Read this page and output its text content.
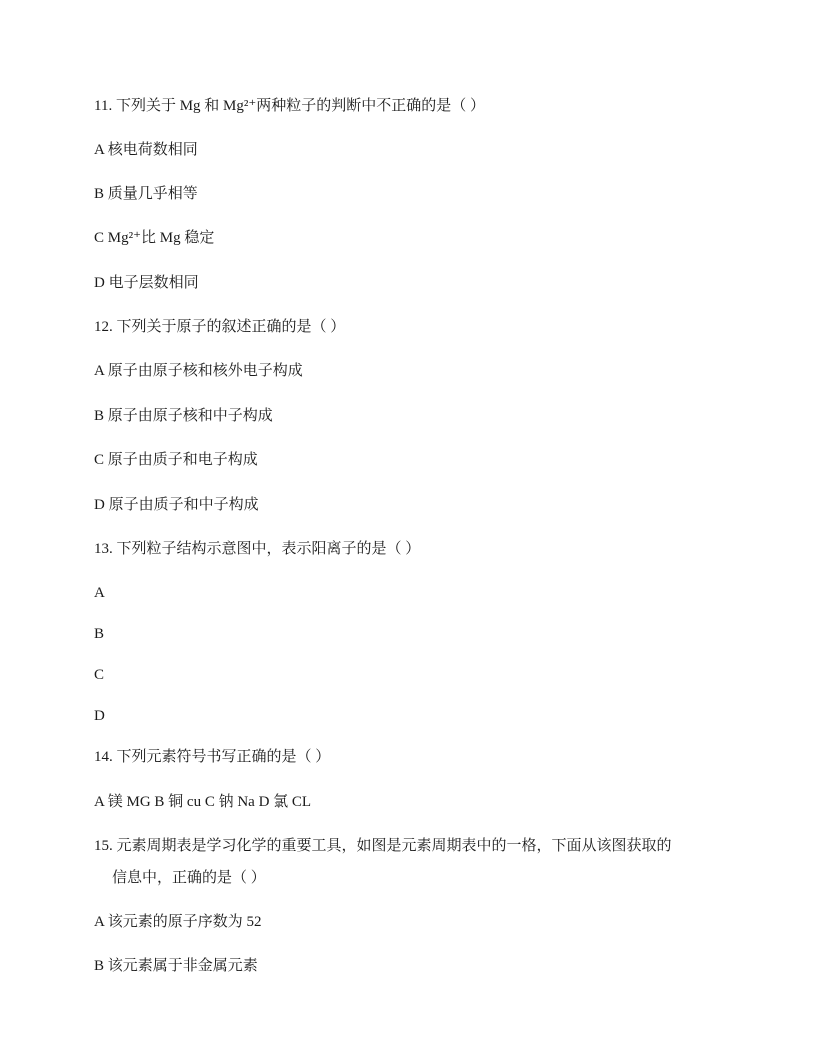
11. 下列关于 Mg 和 Mg²⁺两种粒子的判断中不正确的是（ ）
A 核电荷数相同
B 质量几乎相等
C Mg²⁺比 Mg 稳定
D 电子层数相同
12. 下列关于原子的叙述正确的是（ ）
A 原子由原子核和核外电子构成
B 原子由原子核和中子构成
C 原子由质子和电子构成
D 原子由质子和中子构成
13. 下列粒子结构示意图中，表示阳离子的是（ ）
A
B
C
D
14. 下列元素符号书写正确的是（ ）
A 镁 MG B 铜 cu C 钠 Na D 氯 CL
15. 元素周期表是学习化学的重要工具，如图是元素周期表中的一格，下面从该图获取的
信息中，正确的是（ ）
A 该元素的原子序数为 52
B 该元素属于非金属元素
